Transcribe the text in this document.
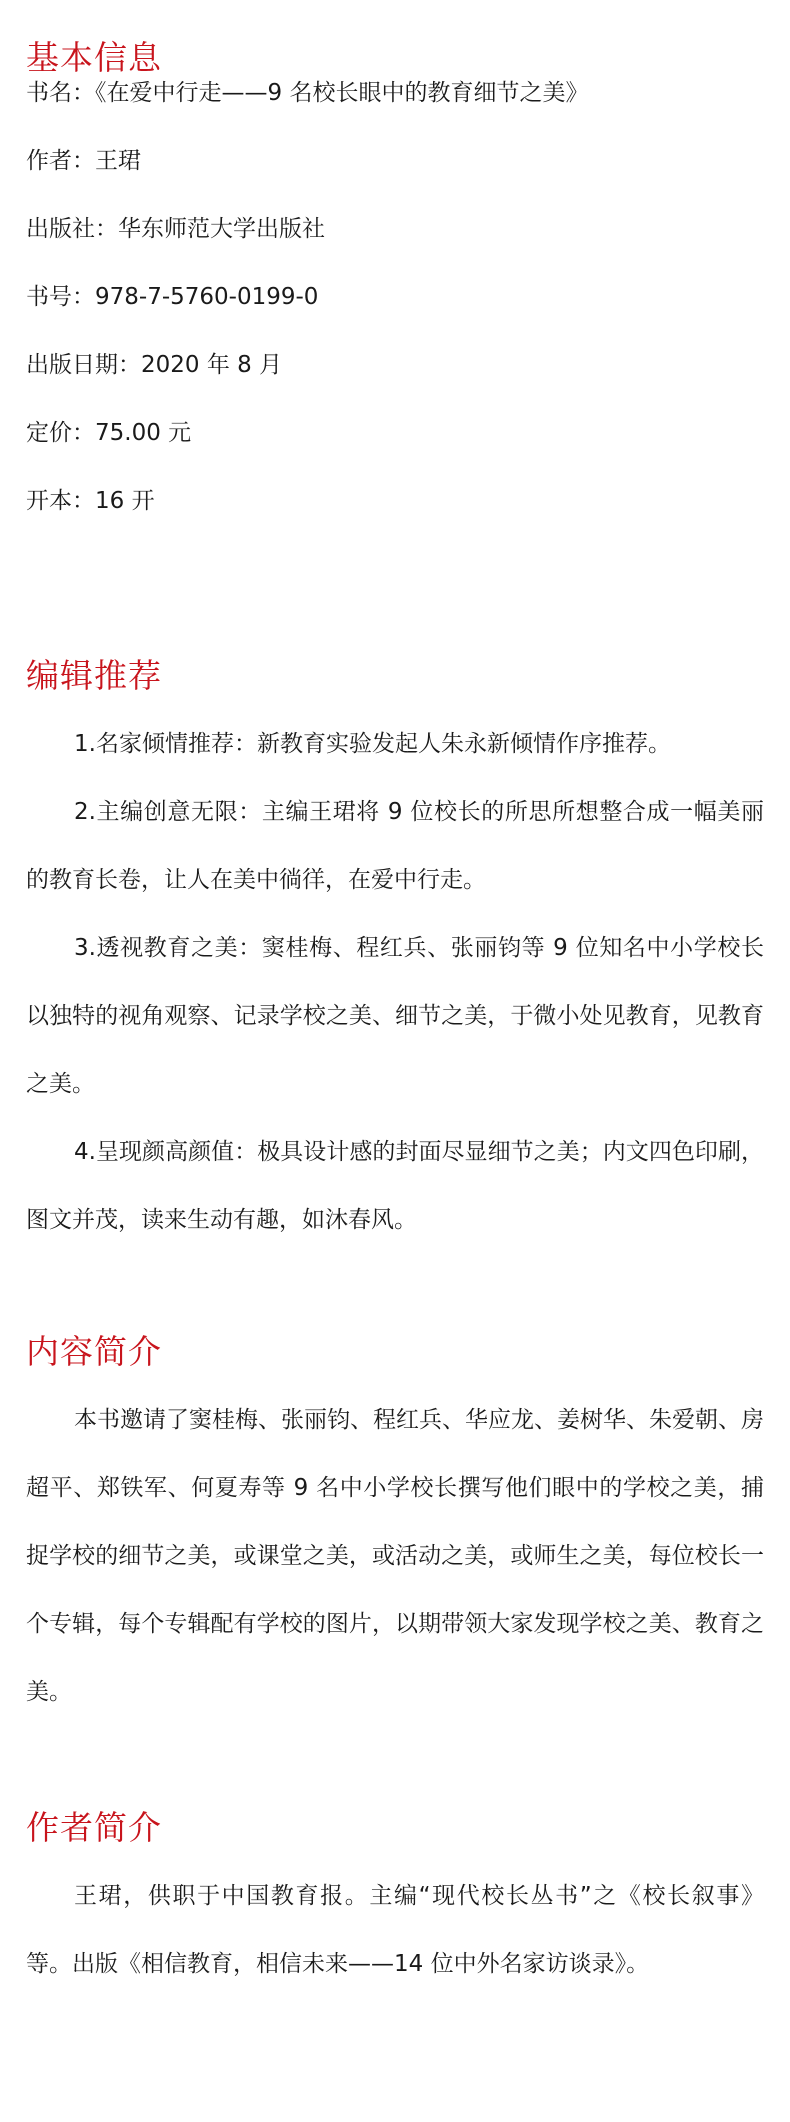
基本信息

书名：《在爱中行走——9 名校长眼中的教育细节之美》

作者：王珺

出版社：华东师范大学出版社

书号：978-7-5760-0199-0

出版日期：2020 年 8 月

定价：75.00 元

开本：16 开

编辑推荐

1.名家倾情推荐：新教育实验发起人朱永新倾情作序推荐。

2.主编创意无限：主编王珺将 9 位校长的所思所想整合成一幅美丽的教育长卷，让人在美中徜徉，在爱中行走。

3.透视教育之美：窦桂梅、程红兵、张丽钧等 9 位知名中小学校长以独特的视角观察、记录学校之美、细节之美，于微小处见教育，见教育之美。

4.呈现颜高颜值：极具设计感的封面尽显细节之美；内文四色印刷，图文并茂，读来生动有趣，如沐春风。

内容简介

本书邀请了窦桂梅、张丽钧、程红兵、华应龙、姜树华、朱爱朝、房超平、郑铁军、何夏寿等 9 名中小学校长撰写他们眼中的学校之美，捕捉学校的细节之美，或课堂之美，或活动之美，或师生之美，每位校长一个专辑，每个专辑配有学校的图片，以期带领大家发现学校之美、教育之美。

作者简介

王珺，供职于中国教育报。主编“现代校长丛书”之《校长叙事》等。出版《相信教育，相信未来——14 位中外名家访谈录》。
